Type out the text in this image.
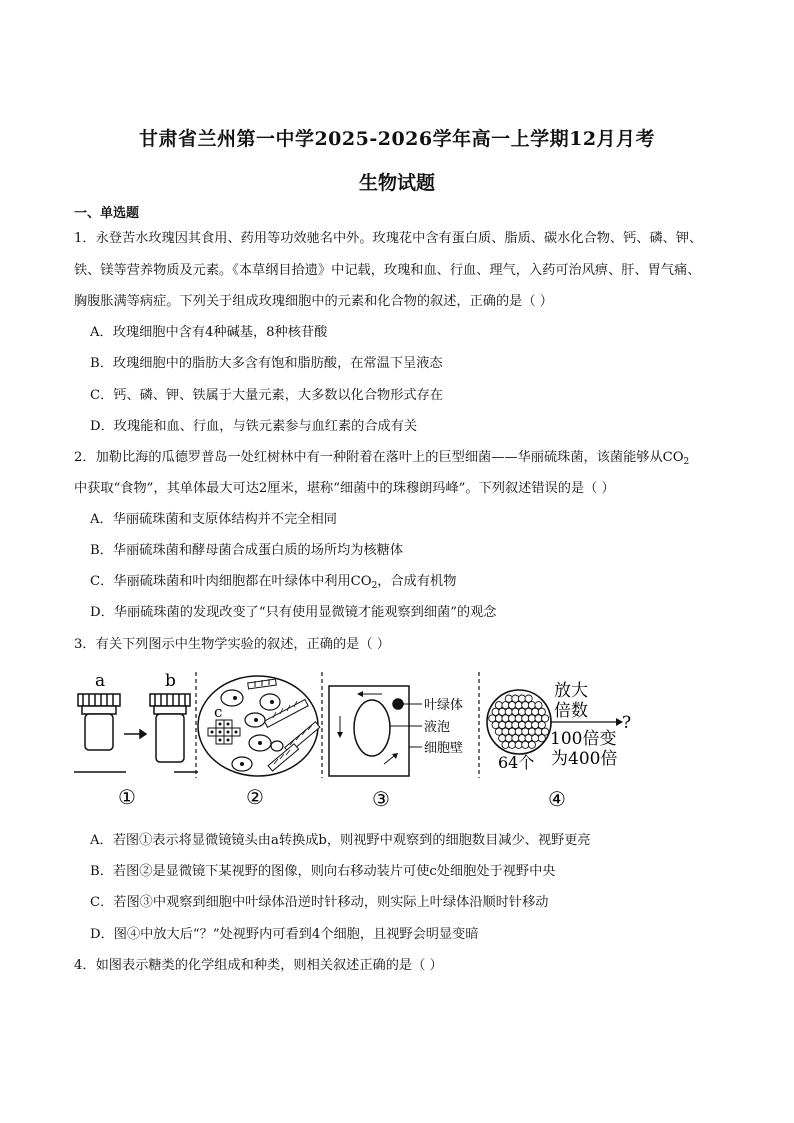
甘肃省兰州第一中学2025-2026学年高一上学期12月月考
生物试题
一、单选题
1．永登苦水玫瑰因其食用、药用等功效驰名中外。玫瑰花中含有蛋白质、脂质、碳水化合物、钙、磷、钾、
铁、镁等营养物质及元素。《本草纲目拾遗》中记载，玫瑰和血、行血、理气，入药可治风痹、肝、胃气痛、
胸腹胀满等病症。下列关于组成玫瑰细胞中的元素和化合物的叙述，正确的是（ ）
A．玫瑰细胞中含有4种碱基，8种核苷酸
B．玫瑰细胞中的脂肪大多含有饱和脂肪酸，在常温下呈液态
C．钙、磷、钾、铁属于大量元素，大多数以化合物形式存在
D．玫瑰能和血、行血，与铁元素参与血红素的合成有关
2．加勒比海的瓜德罗普岛一处红树林中有一种附着在落叶上的巨型细菌——华丽硫珠菌，该菌能够从$CO_2$
中获取“食物”，其单体最大可达2厘米，堪称“细菌中的珠穆朗玛峰”。下列叙述错误的是（ ）
A．华丽硫珠菌和支原体结构并不完全相同
B．华丽硫珠菌和酵母菌合成蛋白质的场所均为核糖体
C．华丽硫珠菌和叶肉细胞都在叶绿体中利用$CO_2$，合成有机物
D．华丽硫珠菌的发现改变了“只有使用显微镜才能观察到细菌”的观念
3．有关下列图示中生物学实验的叙述，正确的是（ ）
a	b
①
c
②
叶绿体
液泡
细胞壁
③
放大
倍数
?
100倍变
为400倍
64个
④
A．若图①表示将显微镜镜头由a转换成b，则视野中观察到的细胞数目减少、视野更亮
B．若图②是显微镜下某视野的图像，则向右移动装片可使c处细胞处于视野中央
C．若图③中观察到细胞中叶绿体沿逆时针移动，则实际上叶绿体沿顺时针移动
D．图④中放大后“？”处视野内可看到4个细胞，且视野会明显变暗
4．如图表示糖类的化学组成和种类，则相关叙述正确的是（ ）
